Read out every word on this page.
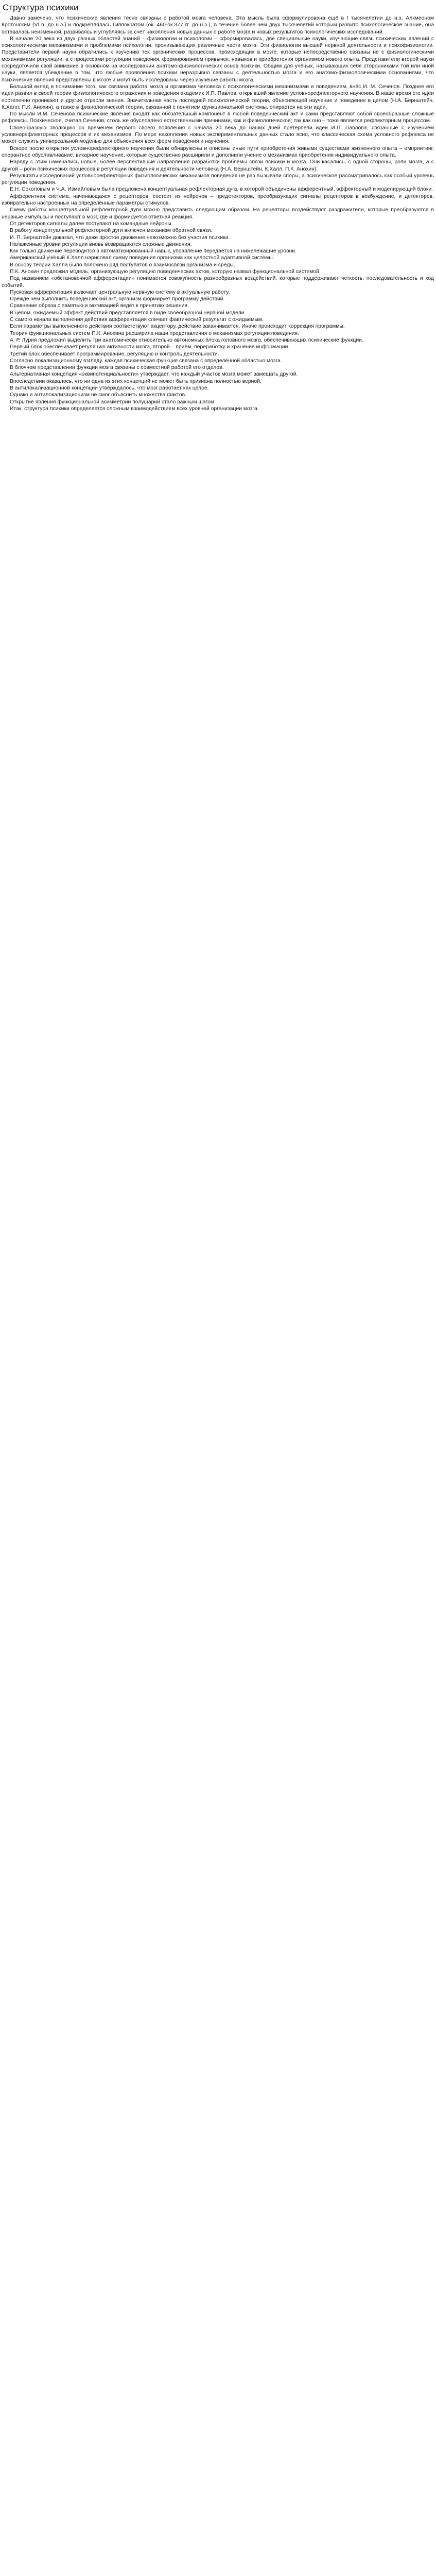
Структура психики

Давно замечено, что психические явления тесно связаны с работой мозга человека. Эта мысль была сформулирована ещё в I тысячелетии до н.э. Алкмеоном Кротонским (VI в. до н.э.) и подкреплялась Гиппократом (ок. 460-ок.377 гг. до н.э.), в течение более чем двух тысячелетий которым развито психологическое знание, она оставалась неизменной, развиваясь и углубляясь за счёт накопления новых данных о работе мозга и новых результатов психологических исследований.

В начале 20 века из двух разных областей знаний – физиологии и психологии – сформировалась, две специальные науки, изучающие связь психических явлений с психологическими механизмами и проблемами психологии, пронизывающих различные части мозга. Эти физиологии высшей нервной деятельности и психофизиологии. Представители первой науки обратились к изучению тех органических процессов, происходящих в мозге, которые непосредственно связаны не с физиологическими механизмами регуляции, а с процессами регуляции поведения, формированием привычек, навыков и приобретения организмом нового опыта. Представители второй науки сосредоточили свой внимание в основном на исследовании анатомо-физиологических основ психики. Общим для учёных, называющих себя сторонниками той или иной науки, является убеждение в том, что любые проявления психики неразрывно связаны с деятельностью мозга и его анатомо-физиологическими основаниями, что психические явления представлены в мозге и могут быть исследованы через изучение работы мозга.

Большой вклад в понимание того, как связана работа мозга и организма человека с психологическими механизмами и поведением, внёс И. М. Сеченов. Позднее его идеи развил в своей теории физиологического отражения и поведения академик И.П. Павлов, открывший явление условнорефлекторного научения. В наше время его идеи постепенно проникают и другие отрасли знания. Значительная часть последней психологической теории, объясняющей научение и поведение в целом (Н.А. Бернштейн, К.Халл, П.К. Анохин), а также в физиологической теории, связанной с понятием функциональной системы, опирается на эти идеи.

По мысли И.М. Сеченова психические явления входят как обязательный компонент в любой поведенческий акт и сами представляют собой своеобразные сложные рефлексы. Психическое, считал Сеченов, столь же обусловлено естественными причинами, как и физиологическое; так как оно – тоже является рефлекторным процессом.

Своеобразную эволюцию со временем первого своего появления с начала 20 века до наших дней претерпели идеи И.П. Павлова, связанные с изучением условнорефлекторных процессов и их механизмов. По мере накопления новых экспериментальных данных стало ясно, что классическая схема условного рефлекса не может служить универсальной моделью для объяснения всех форм поведения и научения.

Вскоре после открытия условнорефлекторного научения были обнаружены и описаны иные пути приобретения живыми существами жизненного опыта – импринтинг, оперантное обусловливание, викарное научение, которые существенно расширили и дополнили учение о механизмах приобретения индивидуального опыта.

Наряду с этим намечались новые, более перспективные направления разработки проблемы связи психики и мозга. Они касались, с одной стороны, роли мозга, а с другой – роли психических процессов в регуляции поведения и деятельности человека (Н.А. Бернштейн, К.Халл, П.К. Анохин).

Результаты исследований условнорефлекторных физиологических механизмов поведения не раз вызывали споры, а психическое рассматривалось как особый уровень регуляции поведения.

Е.Н. Соколовым и Ч.А. Измайловым была предложена концептуальная рефлекторная дуга, в которой объединены афферентный, эффекторный и моделирующий блоки.

Афферентная система, начинающаяся с рецепторов, состоит из нейронов – предетекторов, преобразующих сигналы рецепторов в возбуждение, и детекторов, избирательно настроенных на определённые параметры стимулов.

Схему работы концептуальной рефлекторной дуги можно представить следующим образом. На рецепторы воздействуют раздражители, которые преобразуются в нервные импульсы и поступают в мозг, где и формируется ответная реакция.

От детекторов сигналы далее поступают на командные нейроны.

В работу концептуальной рефлекторной дуги включен механизм обратной связи.

И. П. Бернштейн доказал, что даже простое движение невозможно без участия психики.

Налаженные уровни регуляции вновь возвращаются сложные движения.

Как только движение переводится в автоматизированный навык, управление передаётся на нижележащие уровни.

Американский учёный К.Халл нарисовал схему поведения организма как целостной адаптивной системы.

В основу теории Халла было положено ряд постулатов о взаимосвязи организма и среды.

П.К. Анохин предложил модель, организующую регуляцию поведенческих актов, которую назвал функциональной системой.

Под названием «обстановочной афферентации» понимается совокупность разнообразных воздействий, которые поддерживают четкость, последовательность и ход событий.

Пусковая афферентация включает центральную нервную систему в актуальную работу.

Прежде чем выполнить поведенческий акт, организм формирует программу действий.

Сравнение образа с памятью и мотивацией ведёт к принятию решения.

В целом, ожидаемый эффект действий представляется в виде своеобразной нервной модели.

С самого начала выполнения действия афферентация сличает фактический результат с ожидаемым.

Если параметры выполненного действия соответствуют акцептору, действие заканчивается. Иначе происходит коррекция программы.

Теория функциональных систем П.К. Анохина расширила наши представления о механизмах регуляции поведения.

А. Р. Лурия предложил выделить три анатомически относительно автономных блока головного мозга, обеспечивающих психические функции.

Первый блок обеспечивает регуляцию активности мозга, второй – приём, переработку и хранение информации.

Третий блок обеспечивает программирование, регуляцию и контроль деятельности.

Согласно локализационному взгляду, каждая психическая функция связана с определённой областью мозга.

В блочном представлении функции мозга связаны с совместной работой его отделов.

Альтернативная концепция «эквипотенциальности» утверждает, что каждый участок мозга может замещать другой.

Впоследствии оказалось, что ни одна из этих концепций не может быть признана полностью верной.

В антилокализационной концепции утверждалось, что мозг работает как целое.

Однако и антилокализационизм не смог объяснить множества фактов.

Открытие явления функциональной асимметрии полушарий стало важным шагом.

Итак, структура психики определяется сложным взаимодействием всех уровней организации мозга.
